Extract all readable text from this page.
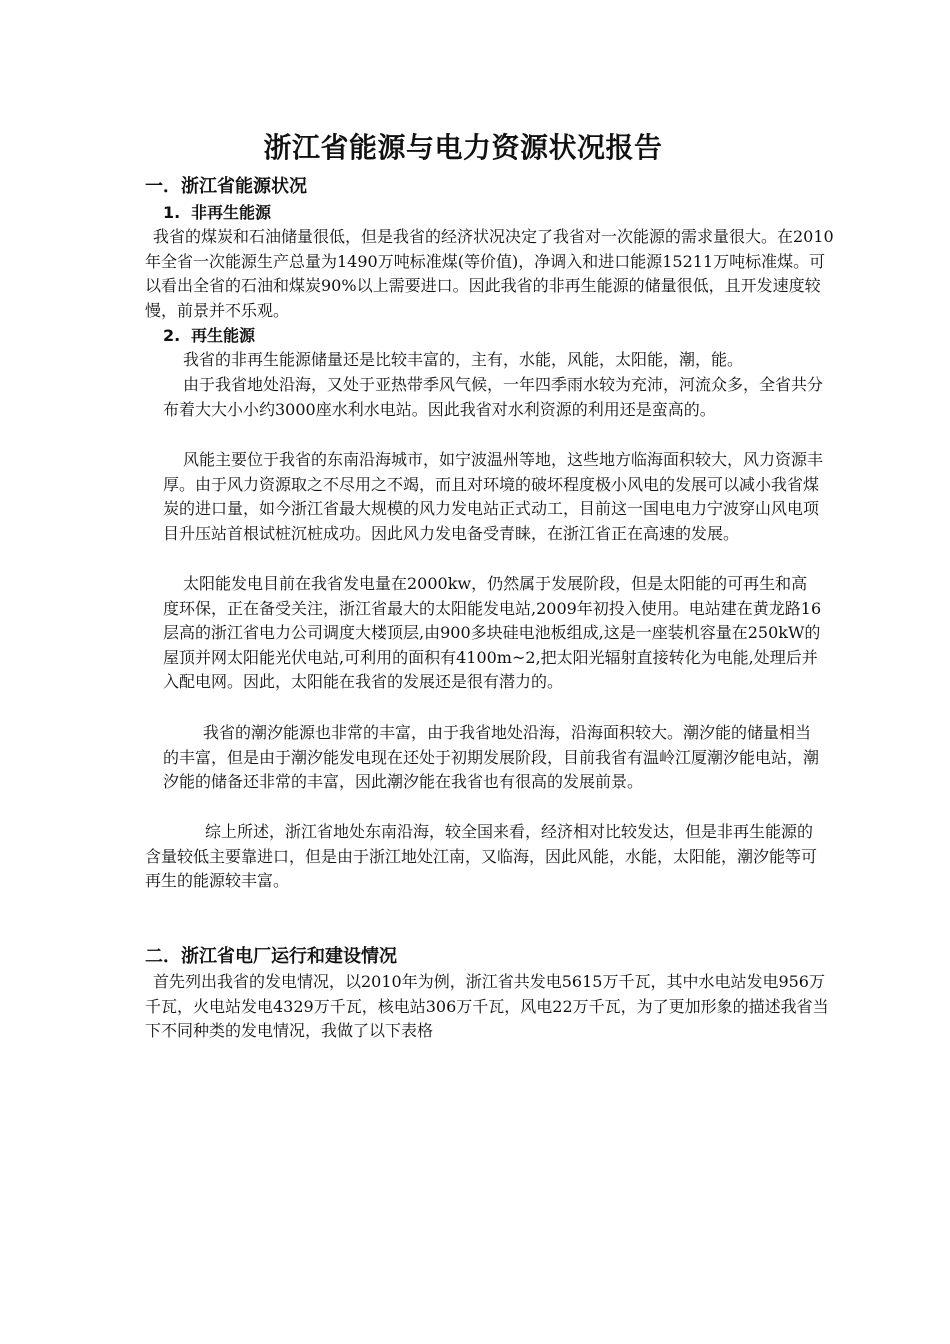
浙江省能源与电力资源状况报告
一．浙江省能源状况
1. 非再生能源

我省的煤炭和石油储量很低，但是我省的经济状况决定了我省对一次能源的需求量很大。在2010年全省一次能源生产总量为1490万吨标准煤(等价值)，净调入和进口能源15211万吨标准煤。可以看出全省的石油和煤炭90%以上需要进口。因此我省的非再生能源的储量很低，且开发速度较慢，前景并不乐观。

2. 再生能源

我省的非再生能源储量还是比较丰富的，主有，水能，风能，太阳能，潮，能。

由于我省地处沿海，又处于亚热带季风气候，一年四季雨水较为充沛，河流众多，全省共分布着大大小小约3000座水利水电站。因此我省对水利资源的利用还是蛮高的。

风能主要位于我省的东南沿海城市，如宁波温州等地，这些地方临海面积较大，风力资源丰厚。由于风力资源取之不尽用之不竭，而且对环境的破坏程度极小风电的发展可以减小我省煤炭的进口量，如今浙江省最大规模的风力发电站正式动工，目前这一国电电力宁波穿山风电项目升压站首根试桩沉桩成功。因此风力发电备受青睐，在浙江省正在高速的发展。

太阳能发电目前在我省发电量在2000kw，仍然属于发展阶段，但是太阳能的可再生和高度环保，正在备受关注，浙江省最大的太阳能发电站,2009年初投入使用。电站建在黄龙路16层高的浙江省电力公司调度大楼顶层,由900多块硅电池板组成,这是一座装机容量在250kW的屋顶并网太阳能光伏电站,可利用的面积有4100m~2,把太阳光辐射直接转化为电能,处理后并入配电网。因此，太阳能在我省的发展还是很有潜力的。

我省的潮汐能源也非常的丰富，由于我省地处沿海，沿海面积较大。潮汐能的储量相当的丰富，但是由于潮汐能发电现在还处于初期发展阶段，目前我省有温岭江厦潮汐能电站，潮汐能的储备还非常的丰富，因此潮汐能在我省也有很高的发展前景。

综上所述，浙江省地处东南沿海，较全国来看，经济相对比较发达，但是非再生能源的含量较低主要靠进口，但是由于浙江地处江南，又临海，因此风能，水能，太阳能，潮汐能等可再生的能源较丰富。

二．浙江省电厂运行和建设情况

首先列出我省的发电情况，以2010年为例，浙江省共发电5615万千瓦，其中水电站发电956万千瓦，火电站发电4329万千瓦，核电站306万千瓦，风电22万千瓦，为了更加形象的描述我省当下不同种类的发电情况，我做了以下表格
